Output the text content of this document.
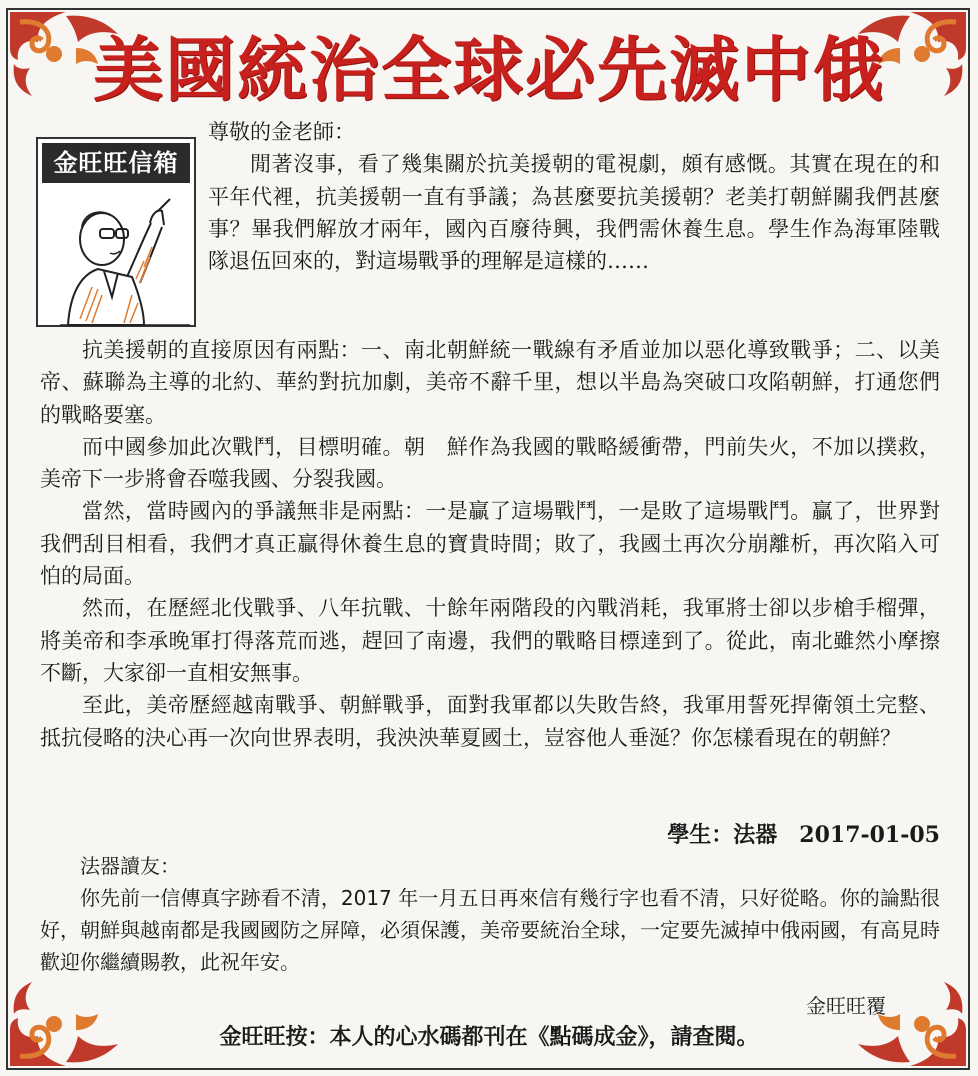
美國統治全球必先滅中俄
金旺旺信箱

尊敬的金老師：

閒著沒事，看了幾集關於抗美援朝的電視劇，頗有感慨。其實在現在的和平年代裡，抗美援朝一直有爭議；為甚麼要抗美援朝？老美打朝鮮關我們甚麼事？畢我們解放才兩年，國內百廢待興，我們需休養生息。學生作為海軍陸戰隊退伍回來的，對這場戰爭的理解是這樣的……

抗美援朝的直接原因有兩點：一、南北朝鮮統一戰線有矛盾並加以惡化導致戰爭；二、以美帝、蘇聯為主導的北約、華約對抗加劇，美帝不辭千里，想以半島為突破口攻陷朝鮮，打通您們的戰略要塞。

而中國參加此次戰鬥，目標明確。朝　鮮作為我國的戰略緩衝帶，門前失火，不加以撲救，美帝下一步將會吞噬我國、分裂我國。

當然，當時國內的爭議無非是兩點：一是贏了這場戰鬥，一是敗了這場戰鬥。贏了，世界對我們刮目相看，我們才真正贏得休養生息的寶貴時間；敗了，我國土再次分崩離析，再次陷入可怕的局面。

然而，在歷經北伐戰爭、八年抗戰、十餘年兩階段的內戰消耗，我軍將士卻以步槍手榴彈，將美帝和李承晚軍打得落荒而逃，趕回了南邊，我們的戰略目標達到了。從此，南北雖然小摩擦不斷，大家卻一直相安無事。

至此，美帝歷經越南戰爭、朝鮮戰爭，面對我軍都以失敗告終，我軍用誓死捍衛領土完整、抵抗侵略的決心再一次向世界表明，我泱泱華夏國土，豈容他人垂涎？你怎樣看現在的朝鮮？

學生：法器　2017-01-05

法器讀友：

你先前一信傳真字跡看不清，2017 年一月五日再來信有幾行字也看不清，只好從略。你的論點很好，朝鮮與越南都是我國國防之屏障，必須保護，美帝要統治全球，一定要先滅掉中俄兩國，有高見時歡迎你繼續賜教，此祝年安。

金旺旺覆
金旺旺按：本人的心水碼都刊在《點碼成金》，請查閱。
